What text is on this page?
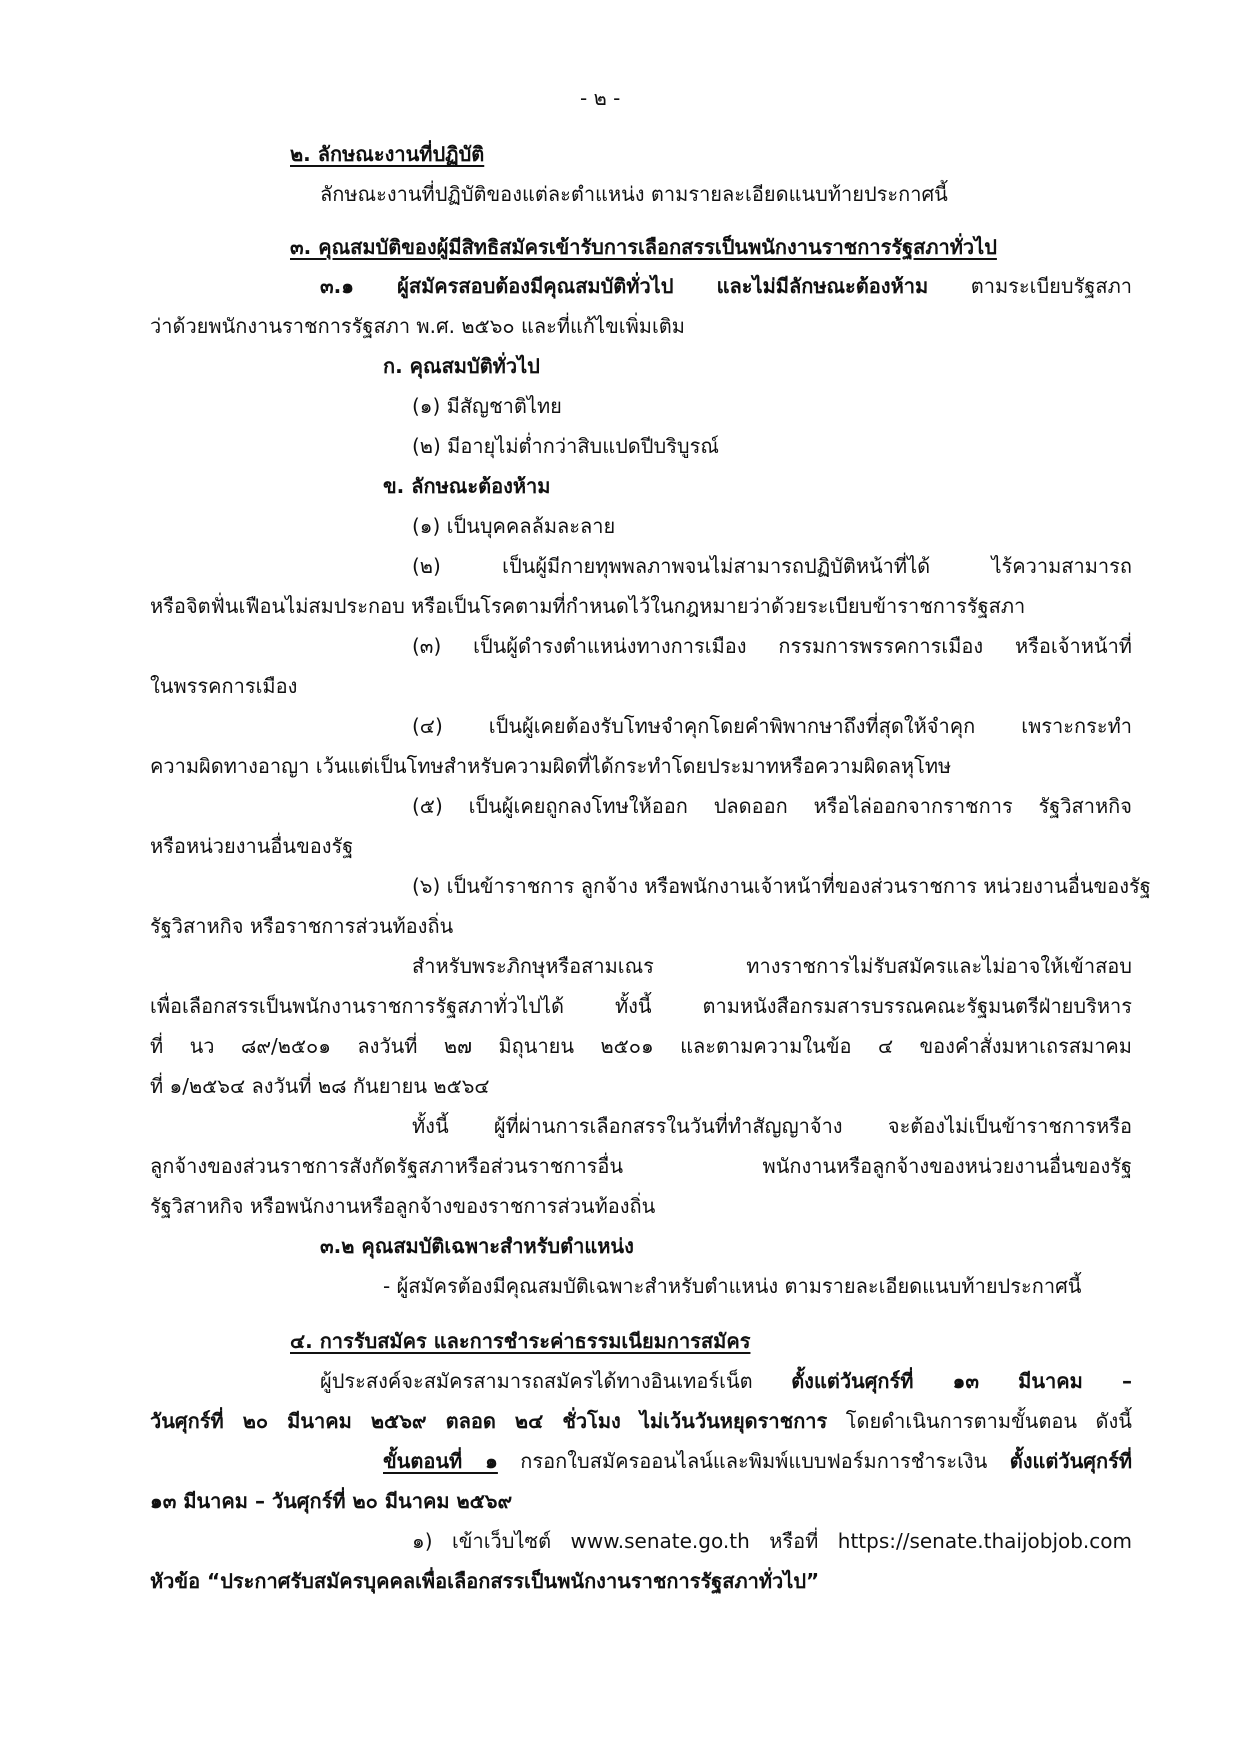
- ๒ -
๒. ลักษณะงานที่ปฏิบัติ
ลักษณะงานที่ปฏิบัติของแต่ละตำแหน่ง ตามรายละเอียดแนบท้ายประกาศนี้
๓. คุณสมบัติของผู้มีสิทธิสมัครเข้ารับการเลือกสรรเป็นพนักงานราชการรัฐสภาทั่วไป
๓.๑ ผู้สมัครสอบต้องมีคุณสมบัติทั่วไป และไม่มีลักษณะต้องห้าม ตามระเบียบรัฐสภา
ว่าด้วยพนักงานราชการรัฐสภา พ.ศ. ๒๕๖๐ และที่แก้ไขเพิ่มเติม
ก. คุณสมบัติทั่วไป
(๑) มีสัญชาติไทย
(๒) มีอายุไม่ต่ำกว่าสิบแปดปีบริบูรณ์
ข. ลักษณะต้องห้าม
(๑) เป็นบุคคลล้มละลาย
(๒) เป็นผู้มีกายทุพพลภาพจนไม่สามารถปฏิบัติหน้าที่ได้ ไร้ความสามารถ
หรือจิตฟั่นเฟือนไม่สมประกอบ หรือเป็นโรคตามที่กำหนดไว้ในกฎหมายว่าด้วยระเบียบข้าราชการรัฐสภา
(๓) เป็นผู้ดำรงตำแหน่งทางการเมือง กรรมการพรรคการเมือง หรือเจ้าหน้าที่
ในพรรคการเมือง
(๔) เป็นผู้เคยต้องรับโทษจำคุกโดยคำพิพากษาถึงที่สุดให้จำคุก เพราะกระทำ
ความผิดทางอาญา เว้นแต่เป็นโทษสำหรับความผิดที่ได้กระทำโดยประมาทหรือความผิดลหุโทษ
(๕) เป็นผู้เคยถูกลงโทษให้ออก ปลดออก หรือไล่ออกจากราชการ รัฐวิสาหกิจ
หรือหน่วยงานอื่นของรัฐ
(๖) เป็นข้าราชการ ลูกจ้าง หรือพนักงานเจ้าหน้าที่ของส่วนราชการ หน่วยงานอื่นของรัฐ
รัฐวิสาหกิจ หรือราชการส่วนท้องถิ่น
สำหรับพระภิกษุหรือสามเณร ทางราชการไม่รับสมัครและไม่อาจให้เข้าสอบ
เพื่อเลือกสรรเป็นพนักงานราชการรัฐสภาทั่วไปได้ ทั้งนี้ ตามหนังสือกรมสารบรรณคณะรัฐมนตรีฝ่ายบริหาร
ที่ นว ๘๙/๒๕๐๑ ลงวันที่ ๒๗ มิถุนายน ๒๕๐๑ และตามความในข้อ ๔ ของคำสั่งมหาเถรสมาคม
ที่ ๑/๒๕๖๔ ลงวันที่ ๒๘ กันยายน ๒๕๖๔
ทั้งนี้ ผู้ที่ผ่านการเลือกสรรในวันที่ทำสัญญาจ้าง จะต้องไม่เป็นข้าราชการหรือ
ลูกจ้างของส่วนราชการสังกัดรัฐสภาหรือส่วนราชการอื่น พนักงานหรือลูกจ้างของหน่วยงานอื่นของรัฐ
รัฐวิสาหกิจ หรือพนักงานหรือลูกจ้างของราชการส่วนท้องถิ่น
๓.๒ คุณสมบัติเฉพาะสำหรับตำแหน่ง
- ผู้สมัครต้องมีคุณสมบัติเฉพาะสำหรับตำแหน่ง ตามรายละเอียดแนบท้ายประกาศนี้
๔. การรับสมัคร และการชำระค่าธรรมเนียมการสมัคร
ผู้ประสงค์จะสมัครสามารถสมัครได้ทางอินเทอร์เน็ต ตั้งแต่วันศุกร์ที่ ๑๓ มีนาคม –
วันศุกร์ที่ ๒๐ มีนาคม ๒๕๖๙ ตลอด ๒๔ ชั่วโมง ไม่เว้นวันหยุดราชการ โดยดำเนินการตามขั้นตอน ดังนี้
ขั้นตอนที่ ๑ กรอกใบสมัครออนไลน์และพิมพ์แบบฟอร์มการชำระเงิน ตั้งแต่วันศุกร์ที่
๑๓ มีนาคม – วันศุกร์ที่ ๒๐ มีนาคม ๒๕๖๙
๑) เข้าเว็บไซต์ www.senate.go.th หรือที่ https://senate.thaijobjob.com
หัวข้อ “ประกาศรับสมัครบุคคลเพื่อเลือกสรรเป็นพนักงานราชการรัฐสภาทั่วไป”
